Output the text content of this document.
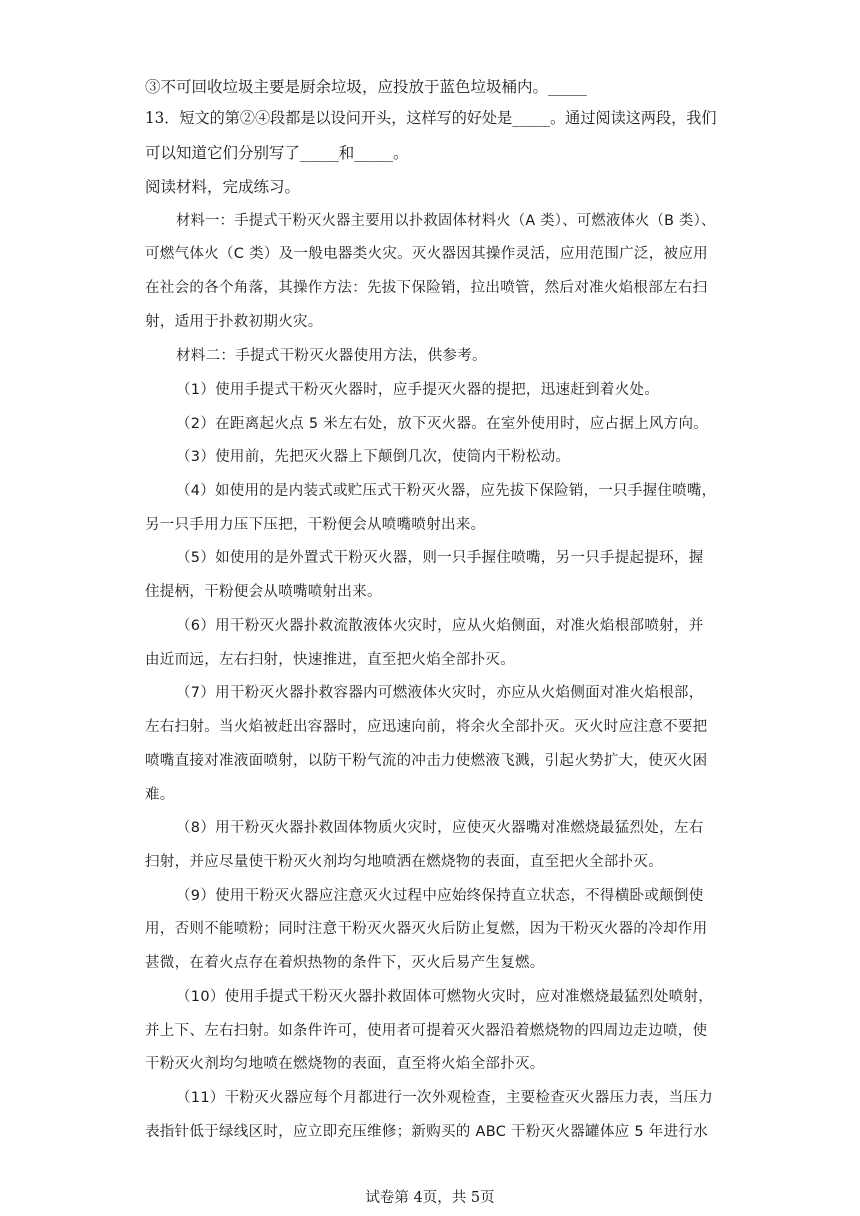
③不可回收垃圾主要是厨余垃圾，应投放于蓝色垃圾桶内。_____
13．短文的第②④段都是以设问开头，这样写的好处是_____。通过阅读这两段，我们
可以知道它们分别写了_____和_____。
阅读材料，完成练习。
材料一：手提式干粉灭火器主要用以扑救固体材料火（A 类）、可燃液体火（B 类）、
可燃气体火（C 类）及一般电器类火灾。灭火器因其操作灵活，应用范围广泛，被应用
在社会的各个角落，其操作方法：先拔下保险销，拉出喷管，然后对准火焰根部左右扫
射，适用于扑救初期火灾。
材料二：手提式干粉灭火器使用方法，供参考。
（1）使用手提式干粉灭火器时，应手提灭火器的提把，迅速赶到着火处。
（2）在距离起火点 5 米左右处，放下灭火器。在室外使用时，应占据上风方向。
（3）使用前，先把灭火器上下颠倒几次，使筒内干粉松动。
（4）如使用的是内装式或贮压式干粉灭火器，应先拔下保险销，一只手握住喷嘴，
另一只手用力压下压把，干粉便会从喷嘴喷射出来。
（5）如使用的是外置式干粉灭火器，则一只手握住喷嘴，另一只手提起提环，握
住提柄，干粉便会从喷嘴喷射出来。
（6）用干粉灭火器扑救流散液体火灾时，应从火焰侧面，对准火焰根部喷射，并
由近而远，左右扫射，快速推进，直至把火焰全部扑灭。
（7）用干粉灭火器扑救容器内可燃液体火灾时，亦应从火焰侧面对准火焰根部，
左右扫射。当火焰被赶出容器时，应迅速向前，将余火全部扑灭。灭火时应注意不要把
喷嘴直接对准液面喷射，以防干粉气流的冲击力使燃液飞溅，引起火势扩大，使灭火困
难。
（8）用干粉灭火器扑救固体物质火灾时，应使灭火器嘴对准燃烧最猛烈处，左右
扫射，并应尽量使干粉灭火剂均匀地喷洒在燃烧物的表面，直至把火全部扑灭。
（9）使用干粉灭火器应注意灭火过程中应始终保持直立状态，不得横卧或颠倒使
用，否则不能喷粉；同时注意干粉灭火器灭火后防止复燃，因为干粉灭火器的冷却作用
甚微，在着火点存在着炽热物的条件下，灭火后易产生复燃。
（10）使用手提式干粉灭火器扑救固体可燃物火灾时，应对准燃烧最猛烈处喷射，
并上下、左右扫射。如条件许可，使用者可提着灭火器沿着燃烧物的四周边走边喷，使
干粉灭火剂均匀地喷在燃烧物的表面，直至将火焰全部扑灭。
（11）干粉灭火器应每个月都进行一次外观检查，主要检查灭火器压力表，当压力
表指针低于绿线区时，应立即充压维修；新购买的 ABC 干粉灭火器罐体应 5 年进行水
试卷第 4页，共 5页
